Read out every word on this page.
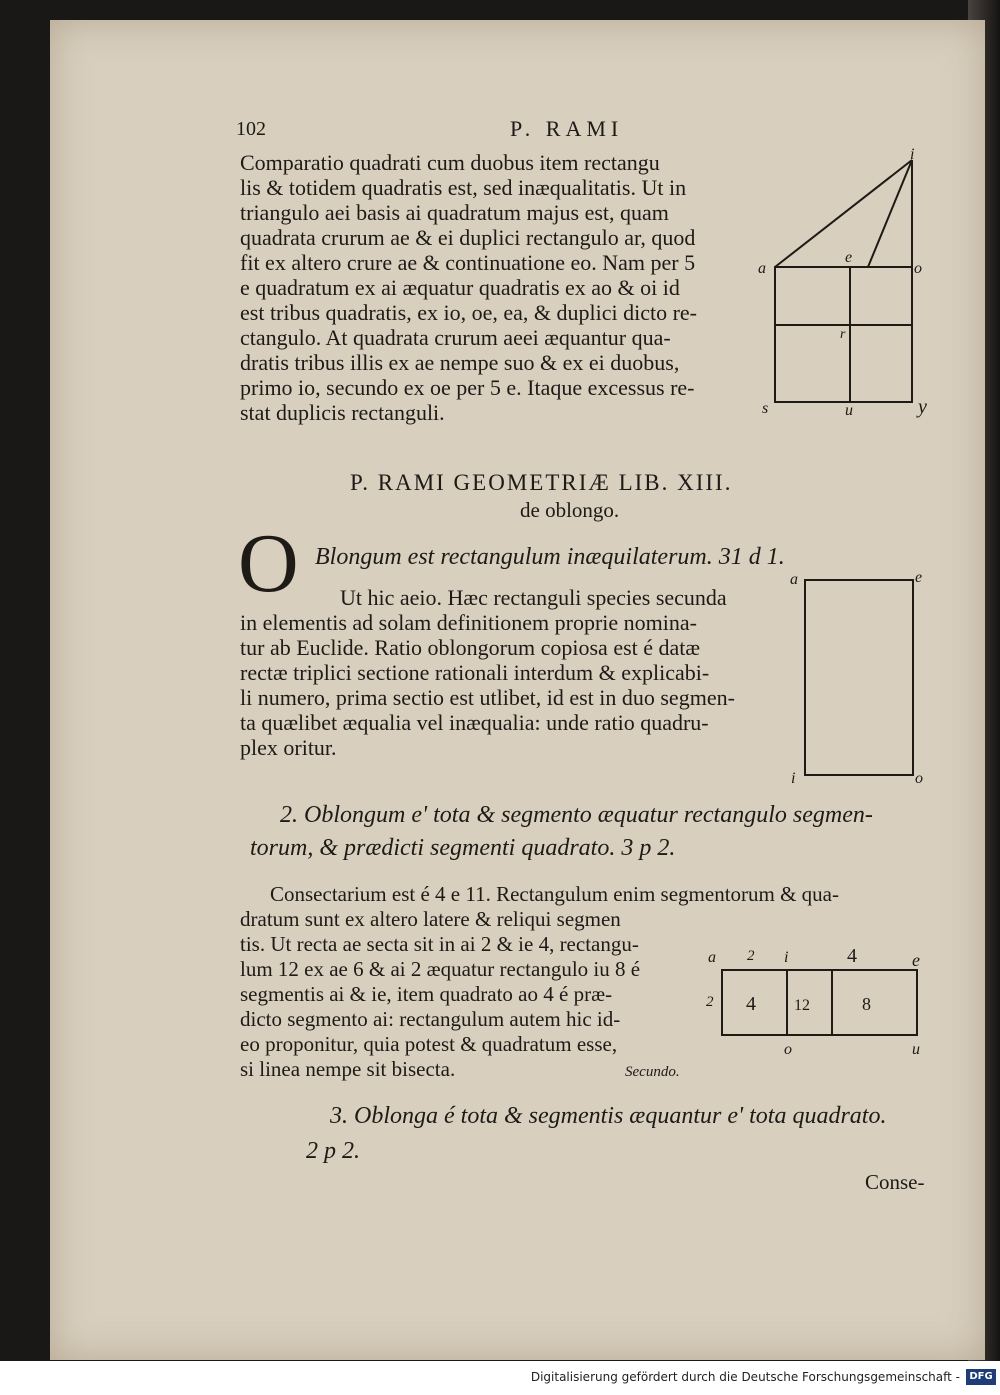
102	P. RAMI
Comparatio quadrati cum duobus item rectangu
lis & totidem quadratis est, sed inæqualitatis. Ut in
triangulo aei basis ai quadratum majus est, quam
quadrata crurum ae & ei duplici rectangulo ar, quod
fit ex altero crure ae & continuatione eo. Nam per 5
e quadratum ex ai æquatur quadratis ex ao & oi id
est tribus quadratis, ex io, oe, ea, & duplici dicto re-
ctangulo. At quadrata crurum aeei æquantur qua-
dratis tribus illis ex ae nempe suo & ex ei duobus,
primo io, secundo ex oe per 5 e. Itaque excessus re-
stat duplicis rectanguli.
i
a
e
o
r
s	u	y
P. RAMI GEOMETRIÆ LIB. XIII.
de oblongo.
O Blongum est rectangulum inæquilaterum. 31 d 1.
Ut hic aeio. Hæc rectanguli species secunda
in elementis ad solam definitionem proprie nomina-
tur ab Euclide. Ratio oblongorum copiosa est é datæ
rectæ triplici sectione rationali interdum & explicabi-
li numero, prima sectio est utlibet, id est in duo segmen-
ta quælibet æqualia vel inæqualia: unde ratio quadru-
plex oritur.
a	e
i	o
2. Oblongum e' tota & segmento æquatur rectangulo segmen-
torum, & prædicti segmenti quadrato. 3 p 2.
Consectarium est é 4 e 11. Rectangulum enim segmentorum & qua-
dratum sunt ex altero latere & reliqui segmen
tis. Ut recta ae secta sit in ai 2 & ie 4, rectangu-
lum 12 ex ae 6 & ai 2 æquatur rectangulo iu 8 é
segmentis ai & ie, item quadrato ao 4 é præ-
dicto segmento ai: rectangulum autem hic id-
eo proponitur, quia potest & quadratum esse,
si linea nempe sit bisecta.	Secundo.
a 2 i	4	e
2 4 12	8
o	u
3. Oblonga é tota & segmentis æquantur e' tota quadrato.
2 p 2.
Conse-
Digitalisierung gefördert durch die Deutsche Forschungsgemeinschaft - DFG
